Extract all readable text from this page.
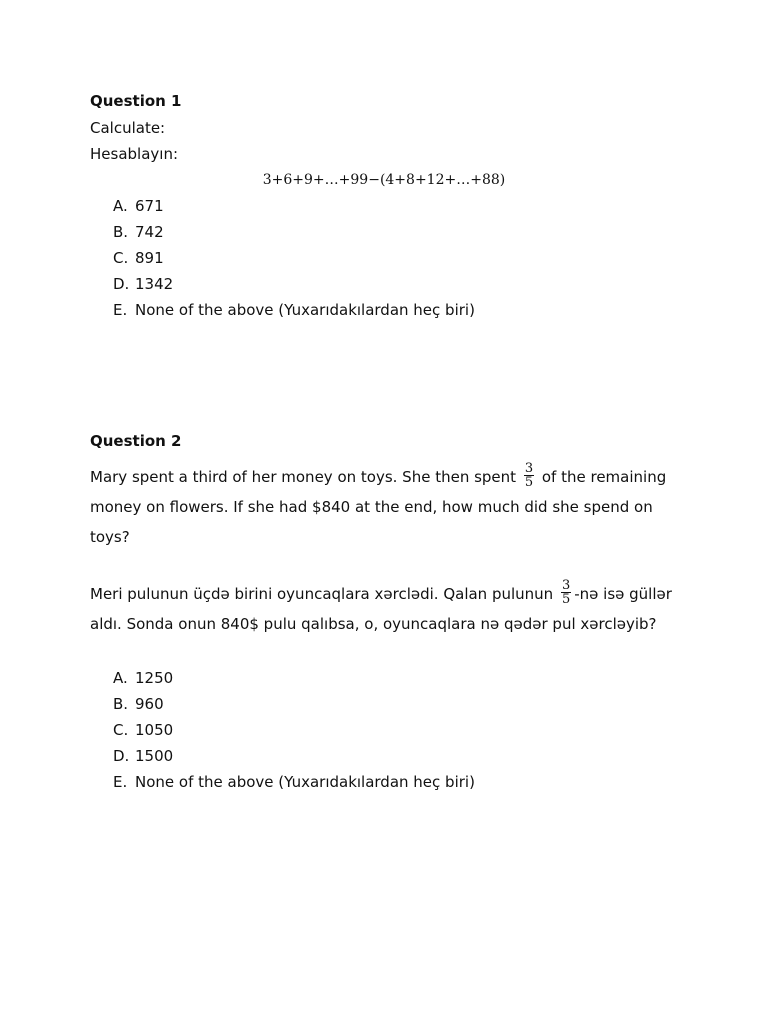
Question 1

Calculate:

Hesablayın:

3+6+9+…+99−(4+8+12+…+88)

A. 671
B. 742
C. 891
D. 1342
E. None of the above (Yuxarıdakılardan heç biri)

Question 2

Mary spent a third of her money on toys. She then spent $\frac{3}{5}$ of the remaining money on flowers. If she had $840 at the end, how much did she spend on toys?

Meri pulunun üçdə birini oyuncaqlara xərclədi. Qalan pulunun $\frac{3}{5}$ -nə isə güllər aldı. Sonda onun 840$ pulu qalıbsa, o, oyuncaqlara nə qədər pul xərcləyib?

A. 1250
B. 960
C. 1050
D. 1500
E. None of the above (Yuxarıdakılardan heç biri)
